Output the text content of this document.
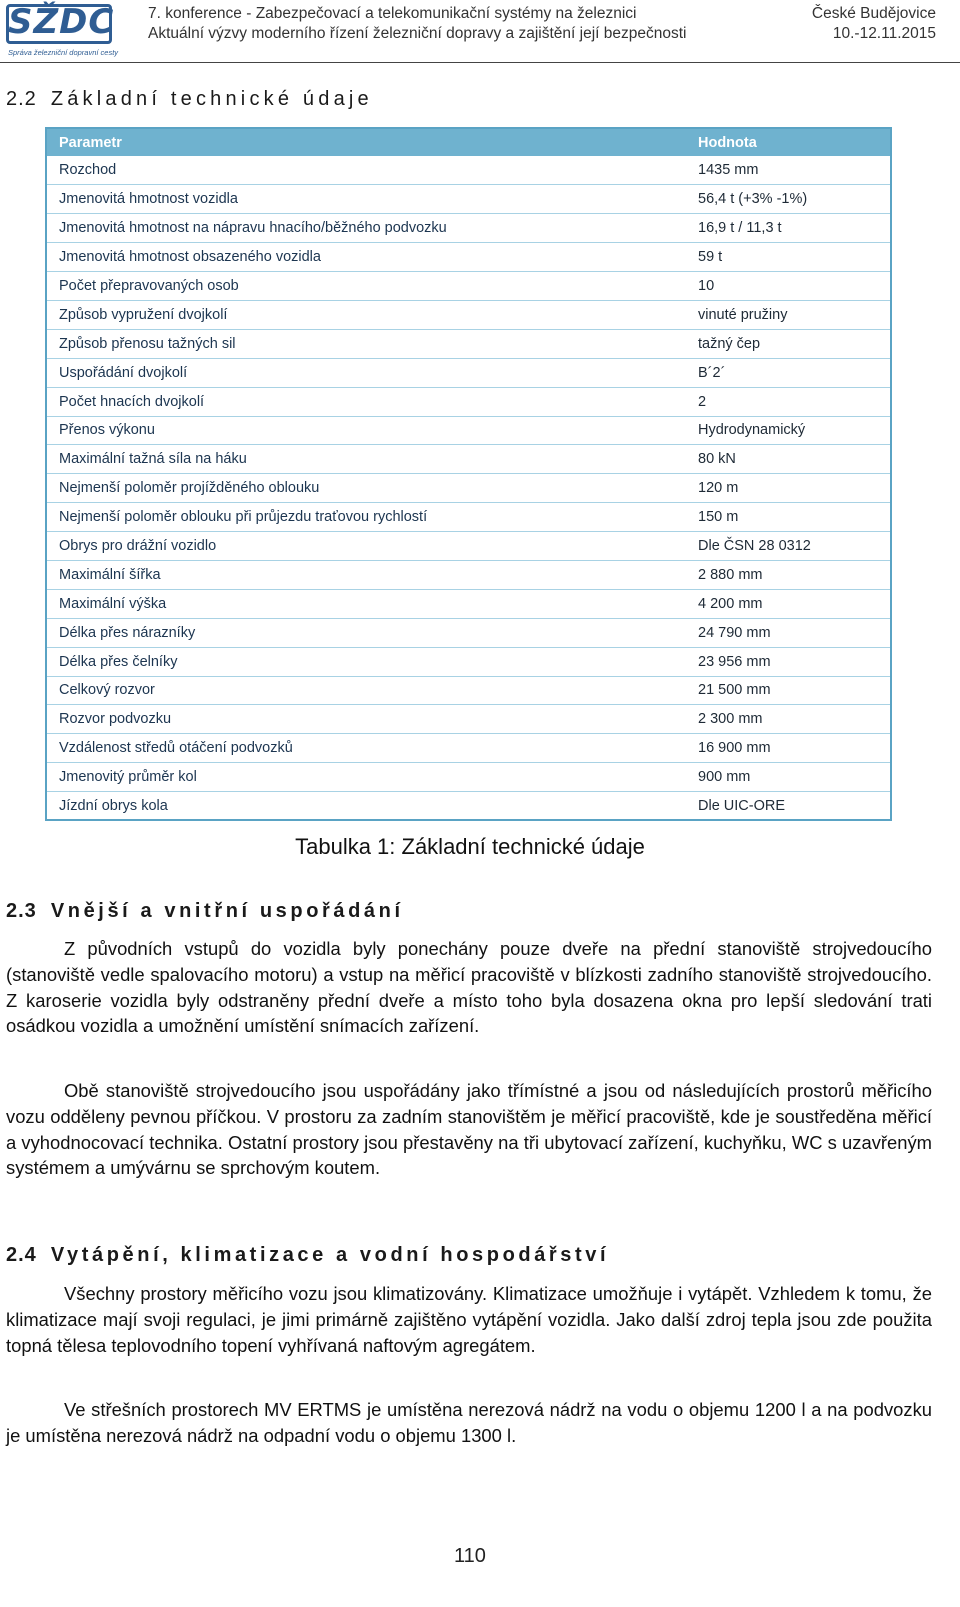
SŽDC
Správa železniční dopravní cesty
7. konference - Zabezpečovací a telekomunikační systémy na železnici
Aktuální výzvy moderního řízení železniční dopravy a zajištění její bezpečnosti
České Budějovice
10.-12.11.2015
2.2 Základní technické údaje
Parametr	Hodnota
Rozchod	1435 mm
Jmenovitá hmotnost vozidla	56,4 t (+3% -1%)
Jmenovitá hmotnost na nápravu hnacího/běžného podvozku	16,9 t / 11,3 t
Jmenovitá hmotnost obsazeného vozidla	59 t
Počet přepravovaných osob	10
Způsob vypružení dvojkolí	vinuté pružiny
Způsob přenosu tažných sil	tažný čep
Uspořádání dvojkolí	B´2´
Počet hnacích dvojkolí	2
Přenos výkonu	Hydrodynamický
Maximální tažná síla na háku	80 kN
Nejmenší poloměr projížděného oblouku	120 m
Nejmenší poloměr oblouku při průjezdu traťovou rychlostí	150 m
Obrys pro drážní vozidlo	Dle ČSN 28 0312
Maximální šířka	2 880 mm
Maximální výška	4 200 mm
Délka přes nárazníky	24 790 mm
Délka přes čelníky	23 956 mm
Celkový rozvor	21 500 mm
Rozvor podvozku	2 300 mm
Vzdálenost středů otáčení podvozků	16 900 mm
Jmenovitý průměr kol	900 mm
Jízdní obrys kola	Dle UIC-ORE
Tabulka 1: Základní technické údaje
2.3 Vnější a vnitřní uspořádání
Z původních vstupů do vozidla byly ponechány pouze dveře na přední stanoviště strojvedoucího (stanoviště vedle spalovacího motoru) a vstup na měřicí pracoviště v blízkosti zadního stanoviště strojvedoucího. Z karoserie vozidla byly odstraněny přední dveře a místo toho byla dosazena okna pro lepší sledování trati osádkou vozidla a umožnění umístění snímacích zařízení.
Obě stanoviště strojvedoucího jsou uspořádány jako třímístné a jsou od následujících prostorů měřicího vozu odděleny pevnou příčkou. V prostoru za zadním stanovištěm je měřicí pracoviště, kde je soustředěna měřicí a vyhodnocovací technika. Ostatní prostory jsou přestavěny na tři ubytovací zařízení, kuchyňku, WC s uzavřeným systémem a umývárnu se sprchovým koutem.
2.4 Vytápění, klimatizace a vodní hospodářství
Všechny prostory měřicího vozu jsou klimatizovány. Klimatizace umožňuje i vytápět. Vzhledem k tomu, že klimatizace mají svoji regulaci, je jimi primárně zajištěno vytápění vozidla. Jako další zdroj tepla jsou zde použita topná tělesa teplovodního topení vyhřívaná naftovým agregátem.
Ve střešních prostorech MV ERTMS je umístěna nerezová nádrž na vodu o objemu 1200 l a na podvozku je umístěna nerezová nádrž na odpadní vodu o objemu 1300 l.
110
